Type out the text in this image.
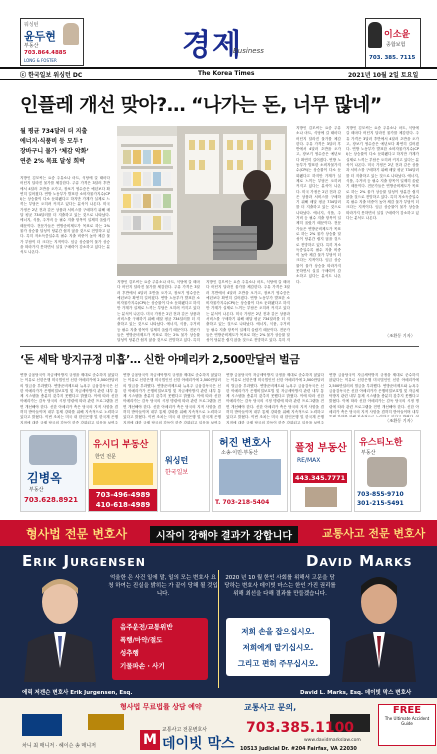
워싱턴
윤두현
부동산
703.864.4885
LONG & FOSTER	경제
Business
이소윤
종합보험
703. 385. 7115
ⓒ 한국일보 워싱턴 DC	The Korea Times	2021년 10월 2일 토요일
인플레 개선 맞아?… “나가는 돈, 너무 많네”
월 평균 734달러 더 지출
에너지·식품비 등 모두↑
장바구니 물가 ‘체감 악화’
연준 2% 목표 달성 희박
지방인 김모씨는 요즘 주유소나 마트, 식당에 갈 때마다 어딘지 달라진 물가를 체감한다. 주유 가격은 3달러 후반에서 4달러 초반을 오가고, 장보기 영수증은 예년보다 확연히 길어졌다. 연방 노동부가 발표한 소비자물가지수(CPI)는 상승률이 다소 둔화됐다고 하지만 가계가 실제로 느끼는 부담은 오히려 커지고 있다는 분석이 나온다. 미국 가정은 2년 전과 같은 상품과 서비스를 구매하기 위해 매달 평균 734달러를 더 지출하고 있는 것으로 나타났다. 에너지, 식품, 주거비 등 필수 지출 항목이 일제히 올랐기 때문이다. 전문가들은 연방준비제도가 목표로 하는 2% 물가 상승률 달성이 당분간 쉽지 않을 것으로 전망하고 있다. 특히 저소득층일수록 필수 지출 비중이 높아 체감 물가 부담이 더 크다는 지적이다. 임금 상승률이 물가 상승을 따라가지 못하면서 실질 구매력이 감소하고 있다는 분석도 나온다.
지방인 김모씨는 요즘 주유소나 마트, 식당에 갈 때마다 어딘지 달라진 물가를 체감한다. 주유 가격은 3달러 후반에서 4달러 초반을 오가고, 장보기 영수증은 예년보다 확연히 길어졌다. 연방 노동부가 발표한 소비자물가지수(CPI)는 상승률이 다소 둔화됐다고 하지만 가계가 실제로 느끼는 부담은 오히려 커지고 있다는 분석이 나온다. 미국 가정은 2년 전과 같은 상품과 서비스를 구매하기 위해 매달 평균 734달러를 더 지출하고 있는 것으로 나타났다. 에너지, 식품, 주거비 등 필수 지출 항목이 일제히 올랐기 때문이다. 전문가들은 연방준비제도가 목표로 하는 2% 물가 상승률 달성이 당분간 쉽지 않을 것으로 전망하고 있다. 특히
지방인 김모씨는 요즘 주유소나 마트, 식당에 갈 때마다 어딘지 달라진 물가를 체감한다. 주유 가격은 3달러 후반에서 4달러 초반을 오가고, 장보기 영수증은 예년보다 확연히 길어졌다. 연방 노동부가 발표한 소비자물가지수(CPI)는 상승률이 다소 둔화됐다고 하지만 가계가 실제로 느끼는 부담은 오히려 커지고 있다는 분석이 나온다. 미국 가정은 2년 전과 같은 상품과 서비스를 구매하기 위해 매달 평균 734달러를 더 지출하고 있는 것으로 나타났다. 에너지, 식품, 주거비 등 필수 지출 항목이 일제히 올랐기 때문이다. 전문가들은 연방준비제도가 목표로 하는 2% 물가 상승률 달성이 당분간 쉽지 않을 것으로 전망하고 있다. 특히 저
지방인 김모씨는 요즘 주유소나 마트, 식당에 갈 때마다 어딘지 달라진 물가를 체감한다. 주유 가격은 3달러 후반에서 4달러 초반을 오가고, 장보기 영수증은 예년보다 확연히 길어졌다. 연방 노동부가 발표한 소비자물가지수(CPI)는 상승률이 다소 둔화됐다고 하지만 가계가 실제로 느끼는 부담은 오히려 커지고 있다는 분석이 나온다. 미국 가정은 2년 전과 같은 상품과 서비스를 구매하기 위해 매달 평균 734달러를 더 지출하고 있는 것으로 나타났다. 에너지, 식품, 주거비 등 필수 지출 항목이 일제히 올랐기 때문이다. 전문가들은 연방준비제도가 목표로 하는 2% 물가 상승률 달성이 당분간 쉽지 않을 것으로 전망하고 있다. 특히 저소득층일수록 필수 지출 비중이 높아 체감 물가 부담이 더 크다는 지적이다. 임금 상승률이 물가 상승을 따라가지 못하면서 실질 구매력이 감소하고 있다는 분석도 나온다.
지방인 김모씨는 요즘 주유소나 마트, 식당에 갈 때마다 어딘지 달라진 물가를 체감한다. 주유 가격은 3달러 후반에서 4달러 초반을 오가고, 장보기 영수증은 예년보다 확연히 길어졌다. 연방 노동부가 발표한 소비자물가지수(CPI)는 상승률이 다소 둔화됐다고 하지만 가계가 실제로 느끼는 부담은 오히려 커지고 있다는 분석이 나온다. 미국 가정은 2년 전과 같은 상품과 서비스를 구매하기 위해 매달 평균 734달러를 더 지출하고 있는 것으로 나타났다. 에너지, 식품, 주거비 등 필수 지출 항목이 일제히 올랐기 때문이다. 전문가들은 연방준비제도가 목표로 하는 2% 물가 상승률 달성이 당분간 쉽지 않을 것으로 전망하고 있다. 특히 저소득층일수록 필수 지출 비중이 높아 체감 물가 부담이 더 크다는 지적이다. 임금 상승률이 물가 상승을 따라가지 못하면서 실질 구매력이 감소하고 있다는 분석도 나온다.
〈조환동 기자〉
‘돈 세탁 방지규정 미흡’… 신한 아메리카 2,500만달러 벌금
연방 금융당국이 자금세탁방지 규정을 제대로 준수하지 않았다는 이유로 신한은행 미국법인인 신한 아메리카에 2,500만달러의 벌금을 부과했다. 연방준비제도와 뉴욕주 금융감독국은 신한 아메리카가 은행비밀보호법 및 자금세탁방지 관련 내부 통제 시스템을 충분히 갖추지 못했다고 밝혔다. 이에 따라 신한 아메리카는 감독 당국의 시정 명령에 따라 관련 프로그램을 전면 개선해야 한다. 신한 아메리카 측은 당국의 지적 사항을 겸허히 받아들이며 내부 통제 강화를 위해 지속적으로 노력하고 있다고 밝혔다. 이번 조치는 미국 내 한인은행 및 한국계 은행 지점에 대한 규제 당국의 감독이 한층 강화되고 있음을 보여주
연방 금융당국이 자금세탁방지 규정을 제대로 준수하지 않았다는 이유로 신한은행 미국법인인 신한 아메리카에 2,500만달러의 벌금을 부과했다. 연방준비제도와 뉴욕주 금융감독국은 신한 아메리카가 은행비밀보호법 및 자금세탁방지 관련 내부 통제 시스템을 충분히 갖추지 못했다고 밝혔다. 이에 따라 신한 아메리카는 감독 당국의 시정 명령에 따라 관련 프로그램을 전면 개선해야 한다. 신한 아메리카 측은 당국의 지적 사항을 겸허히 받아들이며 내부 통제 강화를 위해 지속적으로 노력하고 있다고 밝혔다. 이번 조치는 미국 내 한인은행 및 한국계 은행 지점에 대한 규제 당국의 감독이 한층 강화되고 있음을 보여주
연방 금융당국이 자금세탁방지 규정을 제대로 준수하지 않았다는 이유로 신한은행 미국법인인 신한 아메리카에 2,500만달러의 벌금을 부과했다. 연방준비제도와 뉴욕주 금융감독국은 신한 아메리카가 은행비밀보호법 및 자금세탁방지 관련 내부 통제 시스템을 충분히 갖추지 못했다고 밝혔다. 이에 따라 신한 아메리카는 감독 당국의 시정 명령에 따라 관련 프로그램을 전면 개선해야 한다. 신한 아메리카 측은 당국의 지적 사항을 겸허히 받아들이며 내부 통제 강화를 위해 지속적으로 노력하고 있다고 밝혔다. 이번 조치는 미국 내 한인은행 및 한국계 은행 지점에 대한 규제 당국의 감독이 한층 강화되고 있음을 보여주
연방 금융당국이 자금세탁방지 규정을 제대로 준수하지 않았다는 이유로 신한은행 미국법인인 신한 아메리카에 2,500만달러의 벌금을 부과했다. 연방준비제도와 뉴욕주 금융감독국은 신한 아메리카가 은행비밀보호법 및 자금세탁방지 관련 내부 통제 시스템을 충분히 갖추지 못했다고 밝혔다. 이에 따라 신한 아메리카는 감독 당국의 시정 명령에 따라 관련 프로그램을 전면 개선해야 한다. 신한 아메리카 측은 당국의 지적 사항을 겸허히 받아들이며 내부
〈조환동 기자〉
김병옥
부동산
703.628.8921
유시디 부동산
한인 전문
703-496-4989 410-618-4989
워싱턴
한국일보
허진 변호사
소송·이민·부동산
T. 703-218-5404
폴정 부동산
RE/MAX
443.345.7771
유스티노한
부동산
703-855-9710 301-215-5491
형사법 전문 변호사	시작이 강해야 결과가 강합니다	교통사고 전문 변호사
Erik Jurgensen	David Marks
억울한 은 사건 일에 말, 일의 모는 변호사 요청 하여는 진실을 밝히는 가 끝이 당해 될 것입니다.
음주운전/교통위반
폭행/마약/절도
성추행
기물파손 · 사기
2020 년 10 월 한인 사회를 위해서 고문을 담당하는 변호사 데이빗 마스는 한인 가진 권리를 위해 최선을 다해 결과를 만들겠습니다.
저희 손을 잡으십시오.
저희에게 맡기십시오.
그리고 편히 주무십시오.
에릭 저겐슨 변호사 Erik Jurgensen, Esq.	David L. Marks, Esq. 데이빗 막스 변호사
형사법 무료법률 상담 예약	교통사고 문의,	FREE
The Ultimate Accident Guide
M
교통사고 전문변호사
데이빗 막스
703.385.1100
www.davidmarkslaw.com
10513 Judicial Dr. #204 Fairfax, VA 22030
차니 최 매니저 · 헤이슨 송 매니저
